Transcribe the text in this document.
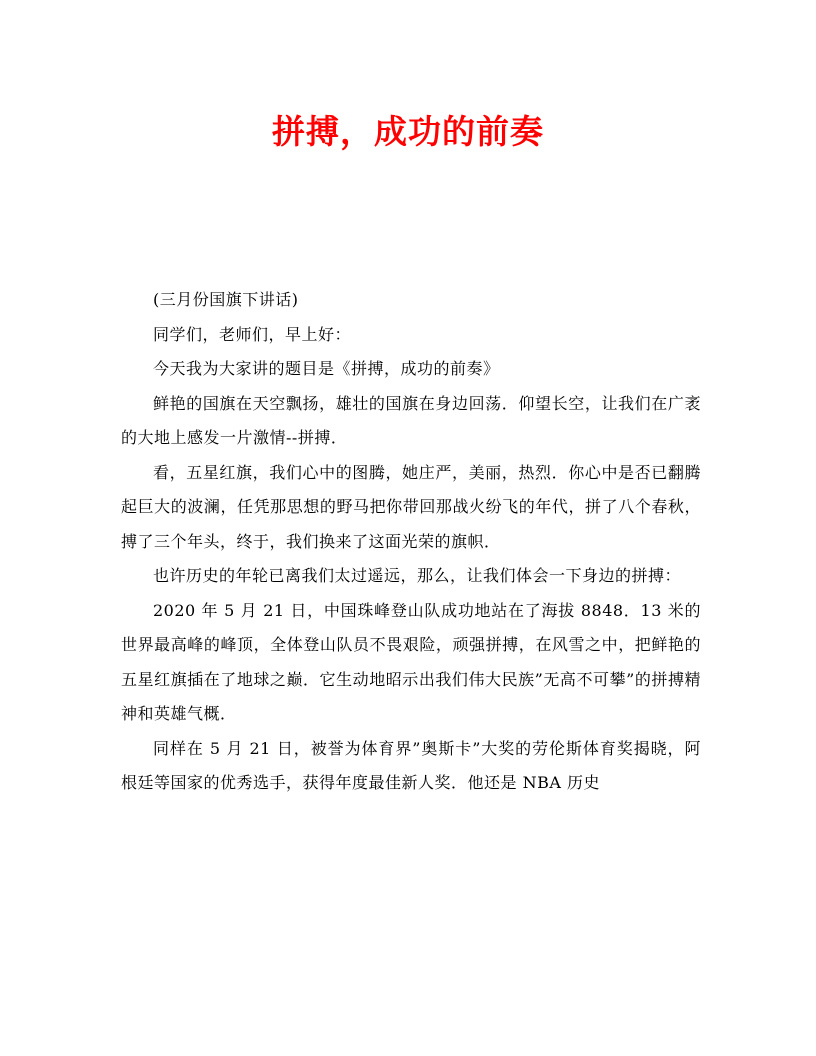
拼搏，成功的前奏

(三月份国旗下讲话)

同学们，老师们，早上好：

今天我为大家讲的题目是《拼搏，成功的前奏》

鲜艳的国旗在天空飘扬，雄壮的国旗在身边回荡．仰望长空，让我们在广袤的大地上感发一片激情--拼搏．

看，五星红旗，我们心中的图腾，她庄严，美丽，热烈．你心中是否已翻腾起巨大的波澜，任凭那思想的野马把你带回那战火纷飞的年代，拼了八个春秋，搏了三个年头，终于，我们换来了这面光荣的旗帜．

也许历史的年轮已离我们太过遥远，那么，让我们体会一下身边的拼搏：

2020 年 5 月 21 日，中国珠峰登山队成功地站在了海拔 8848．13 米的世界最高峰的峰顶，全体登山队员不畏艰险，顽强拼搏，在风雪之中，把鲜艳的五星红旗插在了地球之巅．它生动地昭示出我们伟大民族”无高不可攀”的拼搏精神和英雄气概．

同样在 5 月 21 日，被誉为体育界”奥斯卡”大奖的劳伦斯体育奖揭晓，阿根廷等国家的优秀选手，获得年度最佳新人奖．他还是 NBA 历史
